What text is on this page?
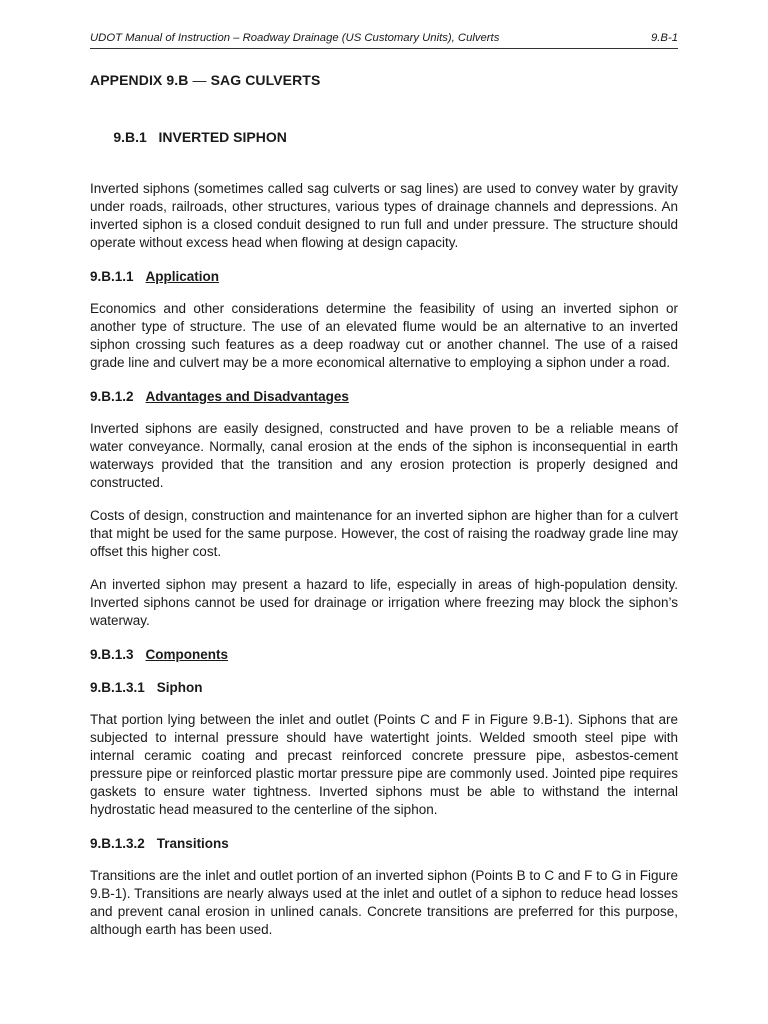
UDOT Manual of Instruction – Roadway Drainage (US Customary Units), Culverts	9.B-1
APPENDIX 9.B — SAG CULVERTS

9.B.1   INVERTED SIPHON

Inverted siphons (sometimes called sag culverts or sag lines) are used to convey water by gravity under roads, railroads, other structures, various types of drainage channels and depressions. An inverted siphon is a closed conduit designed to run full and under pressure. The structure should operate without excess head when flowing at design capacity.

9.B.1.1 Application

Economics and other considerations determine the feasibility of using an inverted siphon or another type of structure. The use of an elevated flume would be an alternative to an inverted siphon crossing such features as a deep roadway cut or another channel. The use of a raised grade line and culvert may be a more economical alternative to employing a siphon under a road.

9.B.1.2 Advantages and Disadvantages

Inverted siphons are easily designed, constructed and have proven to be a reliable means of water conveyance. Normally, canal erosion at the ends of the siphon is inconsequential in earth waterways provided that the transition and any erosion protection is properly designed and constructed.

Costs of design, construction and maintenance for an inverted siphon are higher than for a culvert that might be used for the same purpose. However, the cost of raising the roadway grade line may offset this higher cost.

An inverted siphon may present a hazard to life, especially in areas of high-population density. Inverted siphons cannot be used for drainage or irrigation where freezing may block the siphon’s waterway.

9.B.1.3 Components
9.B.1.3.1 Siphon

That portion lying between the inlet and outlet (Points C and F in Figure 9.B-1). Siphons that are subjected to internal pressure should have watertight joints. Welded smooth steel pipe with internal ceramic coating and precast reinforced concrete pressure pipe, asbestos-cement pressure pipe or reinforced plastic mortar pressure pipe are commonly used. Jointed pipe requires gaskets to ensure water tightness. Inverted siphons must be able to withstand the internal hydrostatic head measured to the centerline of the siphon.

9.B.1.3.2 Transitions

Transitions are the inlet and outlet portion of an inverted siphon (Points B to C and F to G in Figure 9.B-1). Transitions are nearly always used at the inlet and outlet of a siphon to reduce head losses and prevent canal erosion in unlined canals. Concrete transitions are preferred for this purpose, although earth has been used.
